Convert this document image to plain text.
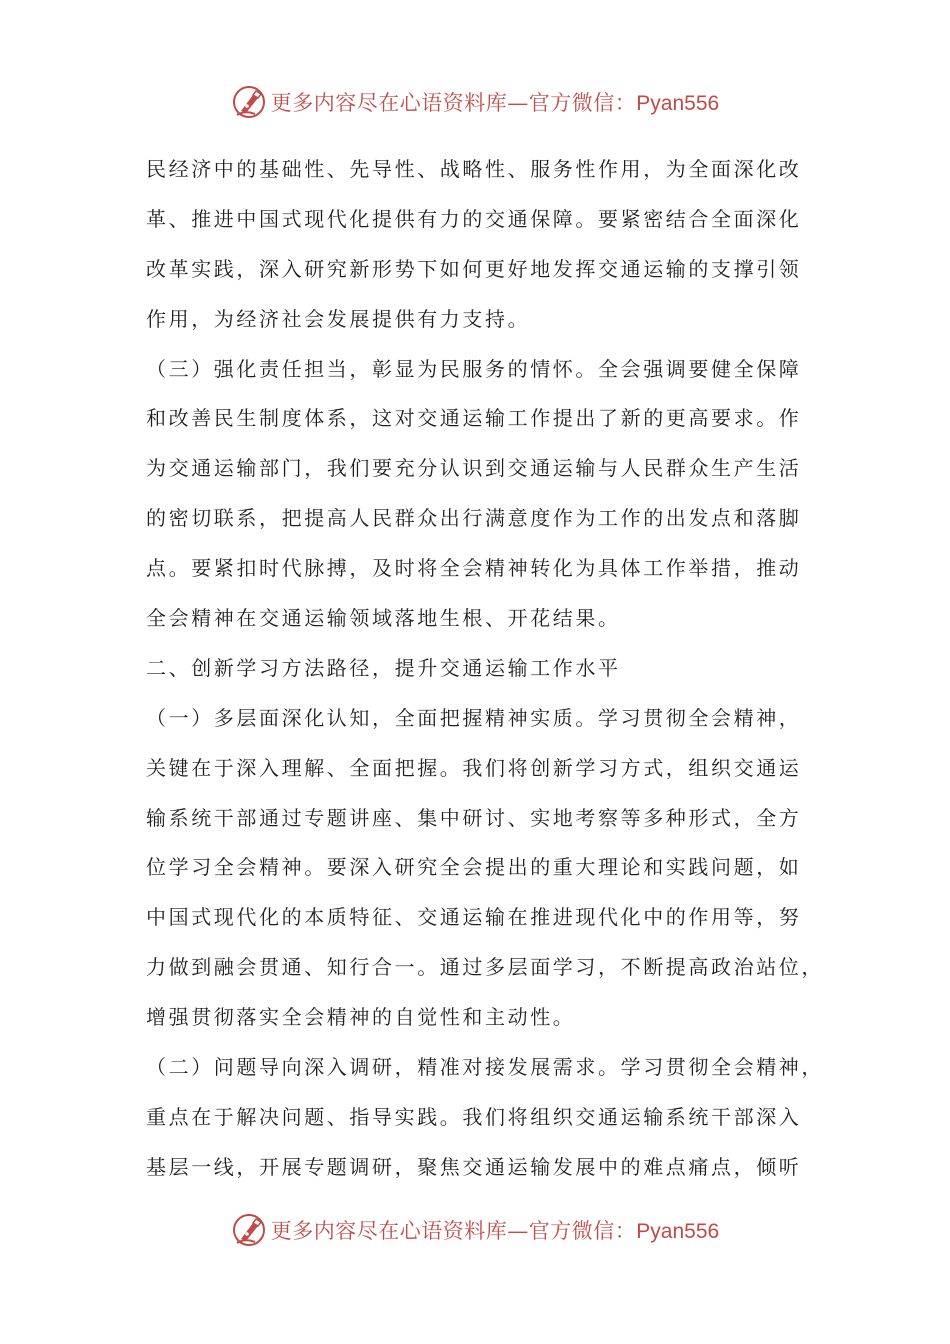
更多内容尽在心语资料库—官方微信：Pyan556
民经济中的基础性、先导性、战略性、服务性作用，为全面深化改
革、推进中国式现代化提供有力的交通保障。要紧密结合全面深化
改革实践，深入研究新形势下如何更好地发挥交通运输的支撑引领
作用，为经济社会发展提供有力支持。
（三）强化责任担当，彰显为民服务的情怀。全会强调要健全保障
和改善民生制度体系，这对交通运输工作提出了新的更高要求。作
为交通运输部门，我们要充分认识到交通运输与人民群众生产生活
的密切联系，把提高人民群众出行满意度作为工作的出发点和落脚
点。要紧扣时代脉搏，及时将全会精神转化为具体工作举措，推动
全会精神在交通运输领域落地生根、开花结果。
二、创新学习方法路径，提升交通运输工作水平
（一）多层面深化认知，全面把握精神实质。学习贯彻全会精神，
关键在于深入理解、全面把握。我们将创新学习方式，组织交通运
输系统干部通过专题讲座、集中研讨、实地考察等多种形式，全方
位学习全会精神。要深入研究全会提出的重大理论和实践问题，如
中国式现代化的本质特征、交通运输在推进现代化中的作用等，努
力做到融会贯通、知行合一。通过多层面学习，不断提高政治站位，
增强贯彻落实全会精神的自觉性和主动性。
（二）问题导向深入调研，精准对接发展需求。学习贯彻全会精神，
重点在于解决问题、指导实践。我们将组织交通运输系统干部深入
基层一线，开展专题调研，聚焦交通运输发展中的难点痛点，倾听
更多内容尽在心语资料库—官方微信：Pyan556
